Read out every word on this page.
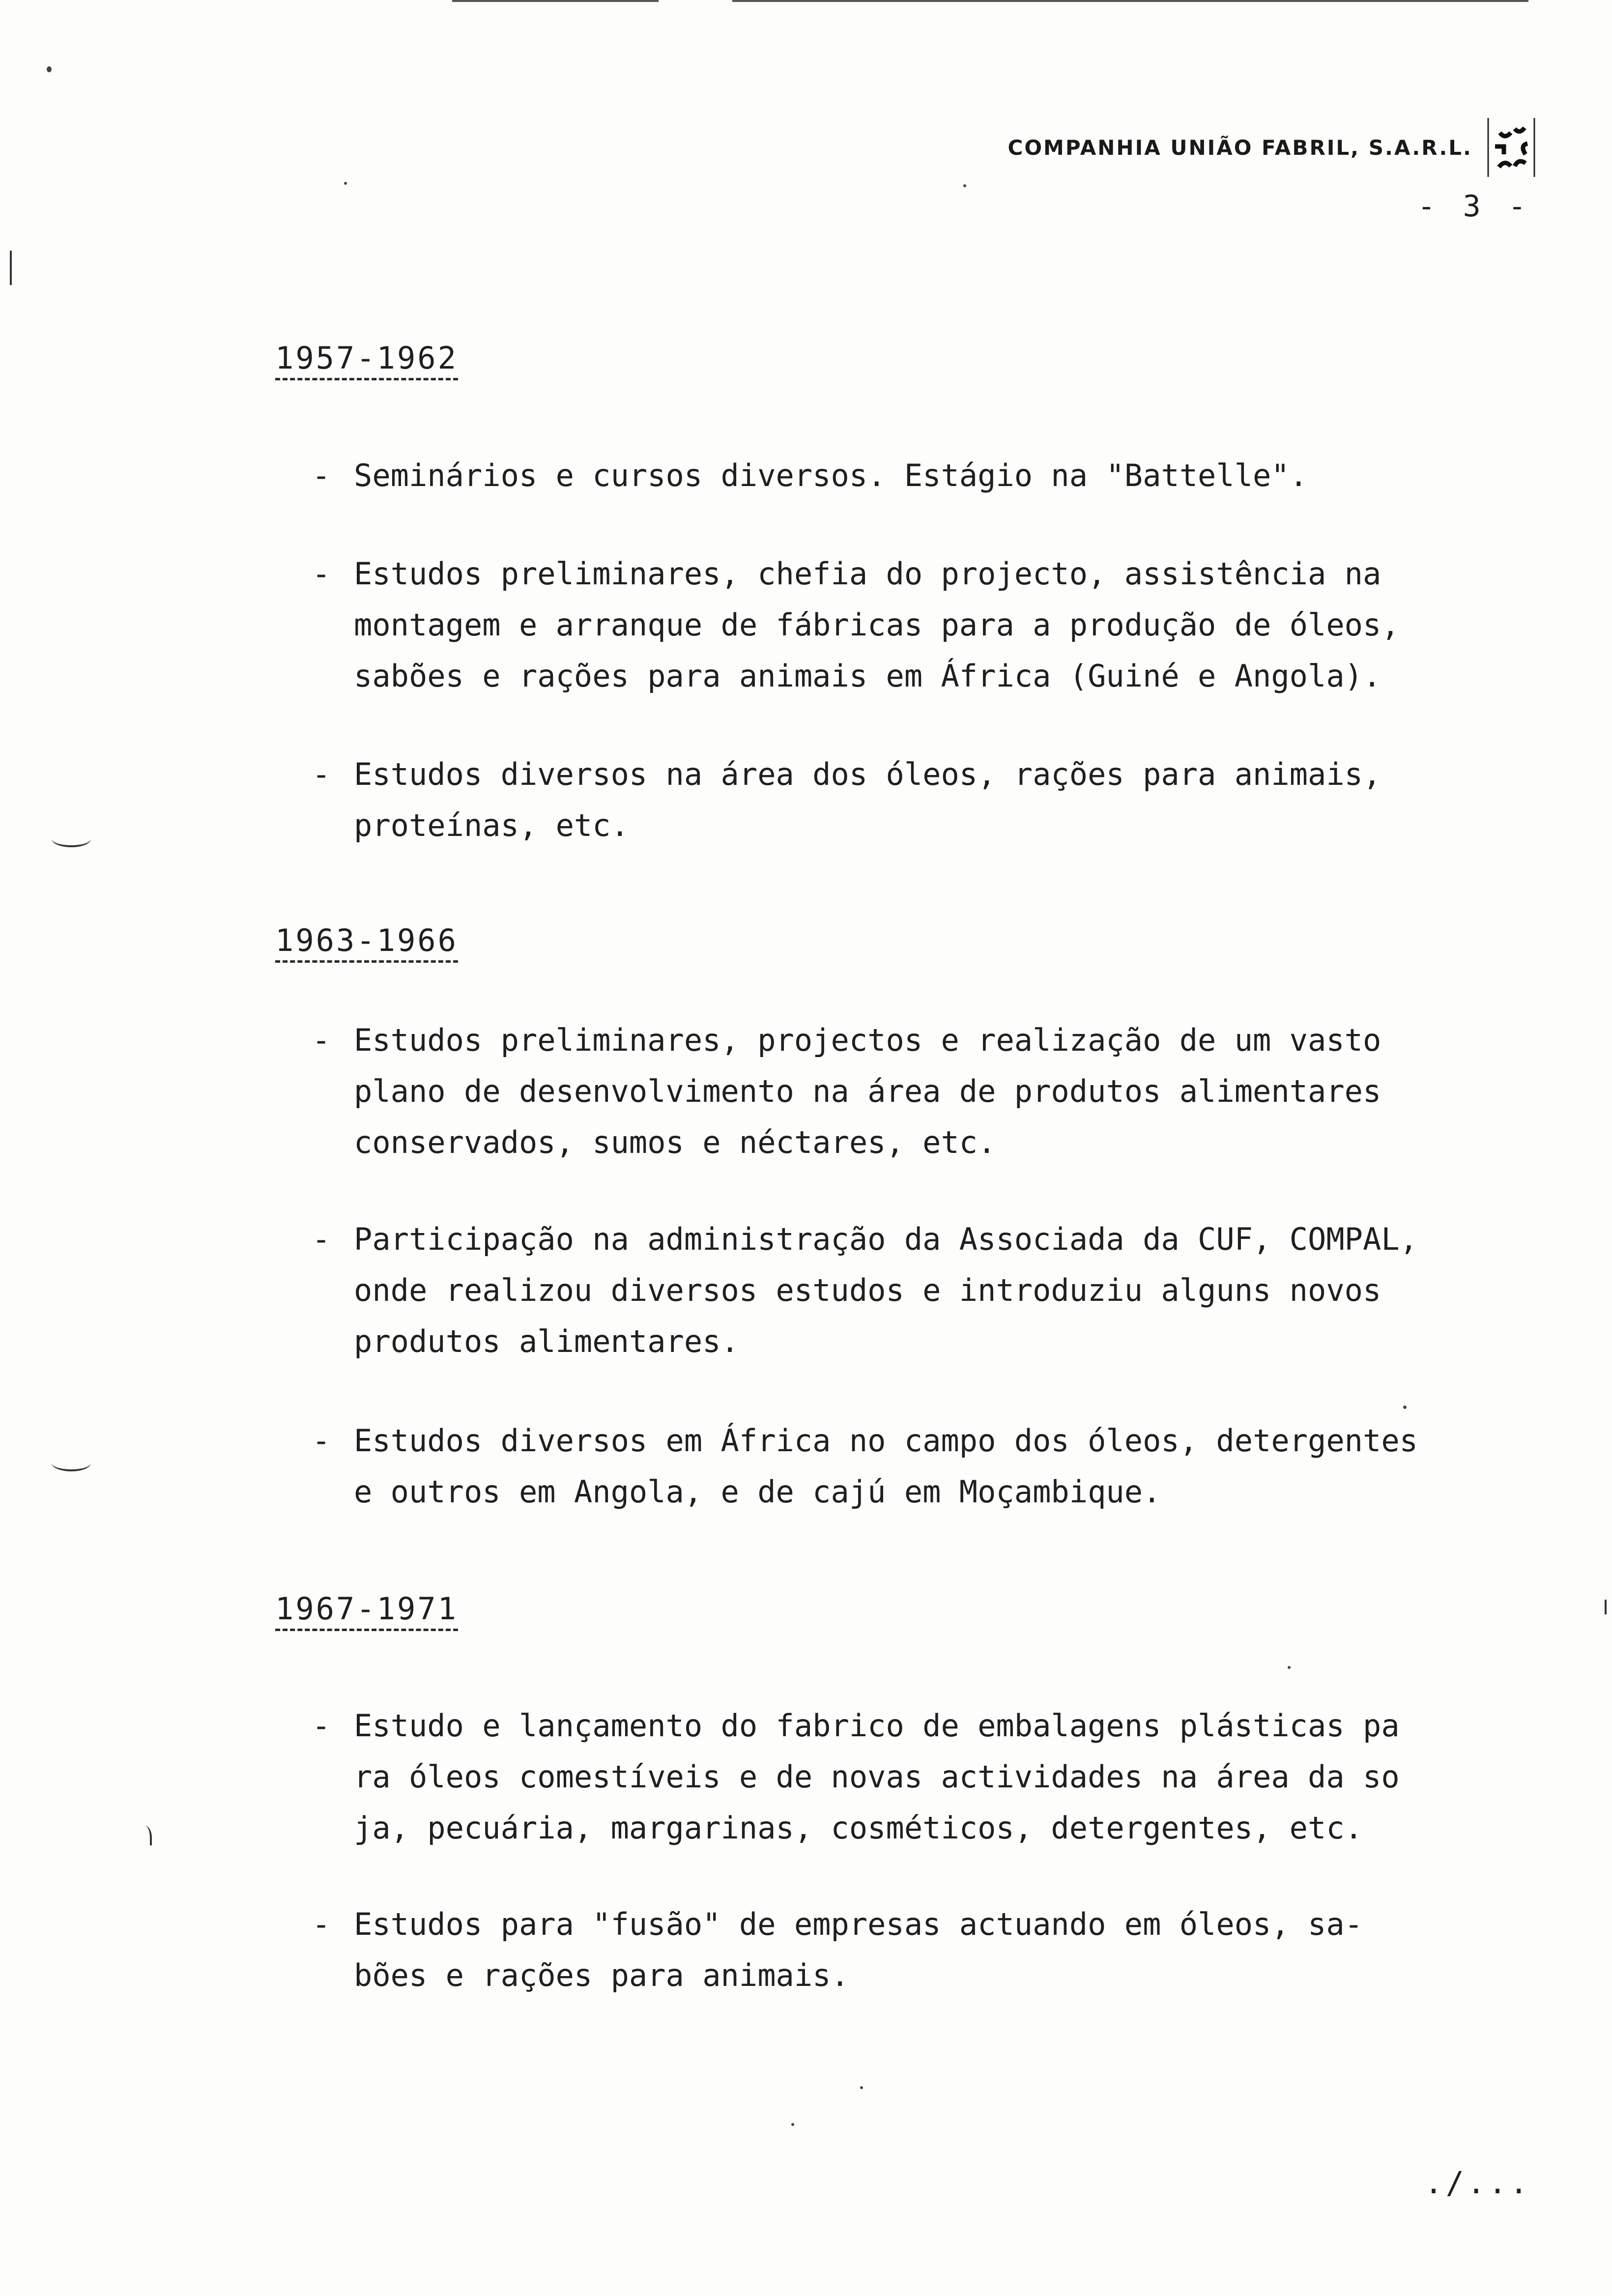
COMPANHIA UNIÃO FABRIL, S.A.R.L.
- 3 -
1957-1962
- Seminários e cursos diversos. Estágio na "Battelle".
- Estudos preliminares, chefia do projecto, assistência na
montagem e arranque de fábricas para a produção de óleos,
sabões e rações para animais em África (Guiné e Angola).
- Estudos diversos na área dos óleos, rações para animais,
proteínas, etc.
1963-1966
- Estudos preliminares, projectos e realização de um vasto
plano de desenvolvimento na área de produtos alimentares
conservados, sumos e néctares, etc.
- Participação na administração da Associada da CUF, COMPAL,
onde realizou diversos estudos e introduziu alguns novos
produtos alimentares.
- Estudos diversos em África no campo dos óleos, detergentes
e outros em Angola, e de cajú em Moçambique.
1967-1971
- Estudo e lançamento do fabrico de embalagens plásticas pa
ra óleos comestíveis e de novas actividades na área da so
ja, pecuária, margarinas, cosméticos, detergentes, etc.
- Estudos para "fusão" de empresas actuando em óleos, sa-
bões e rações para animais.
./...
